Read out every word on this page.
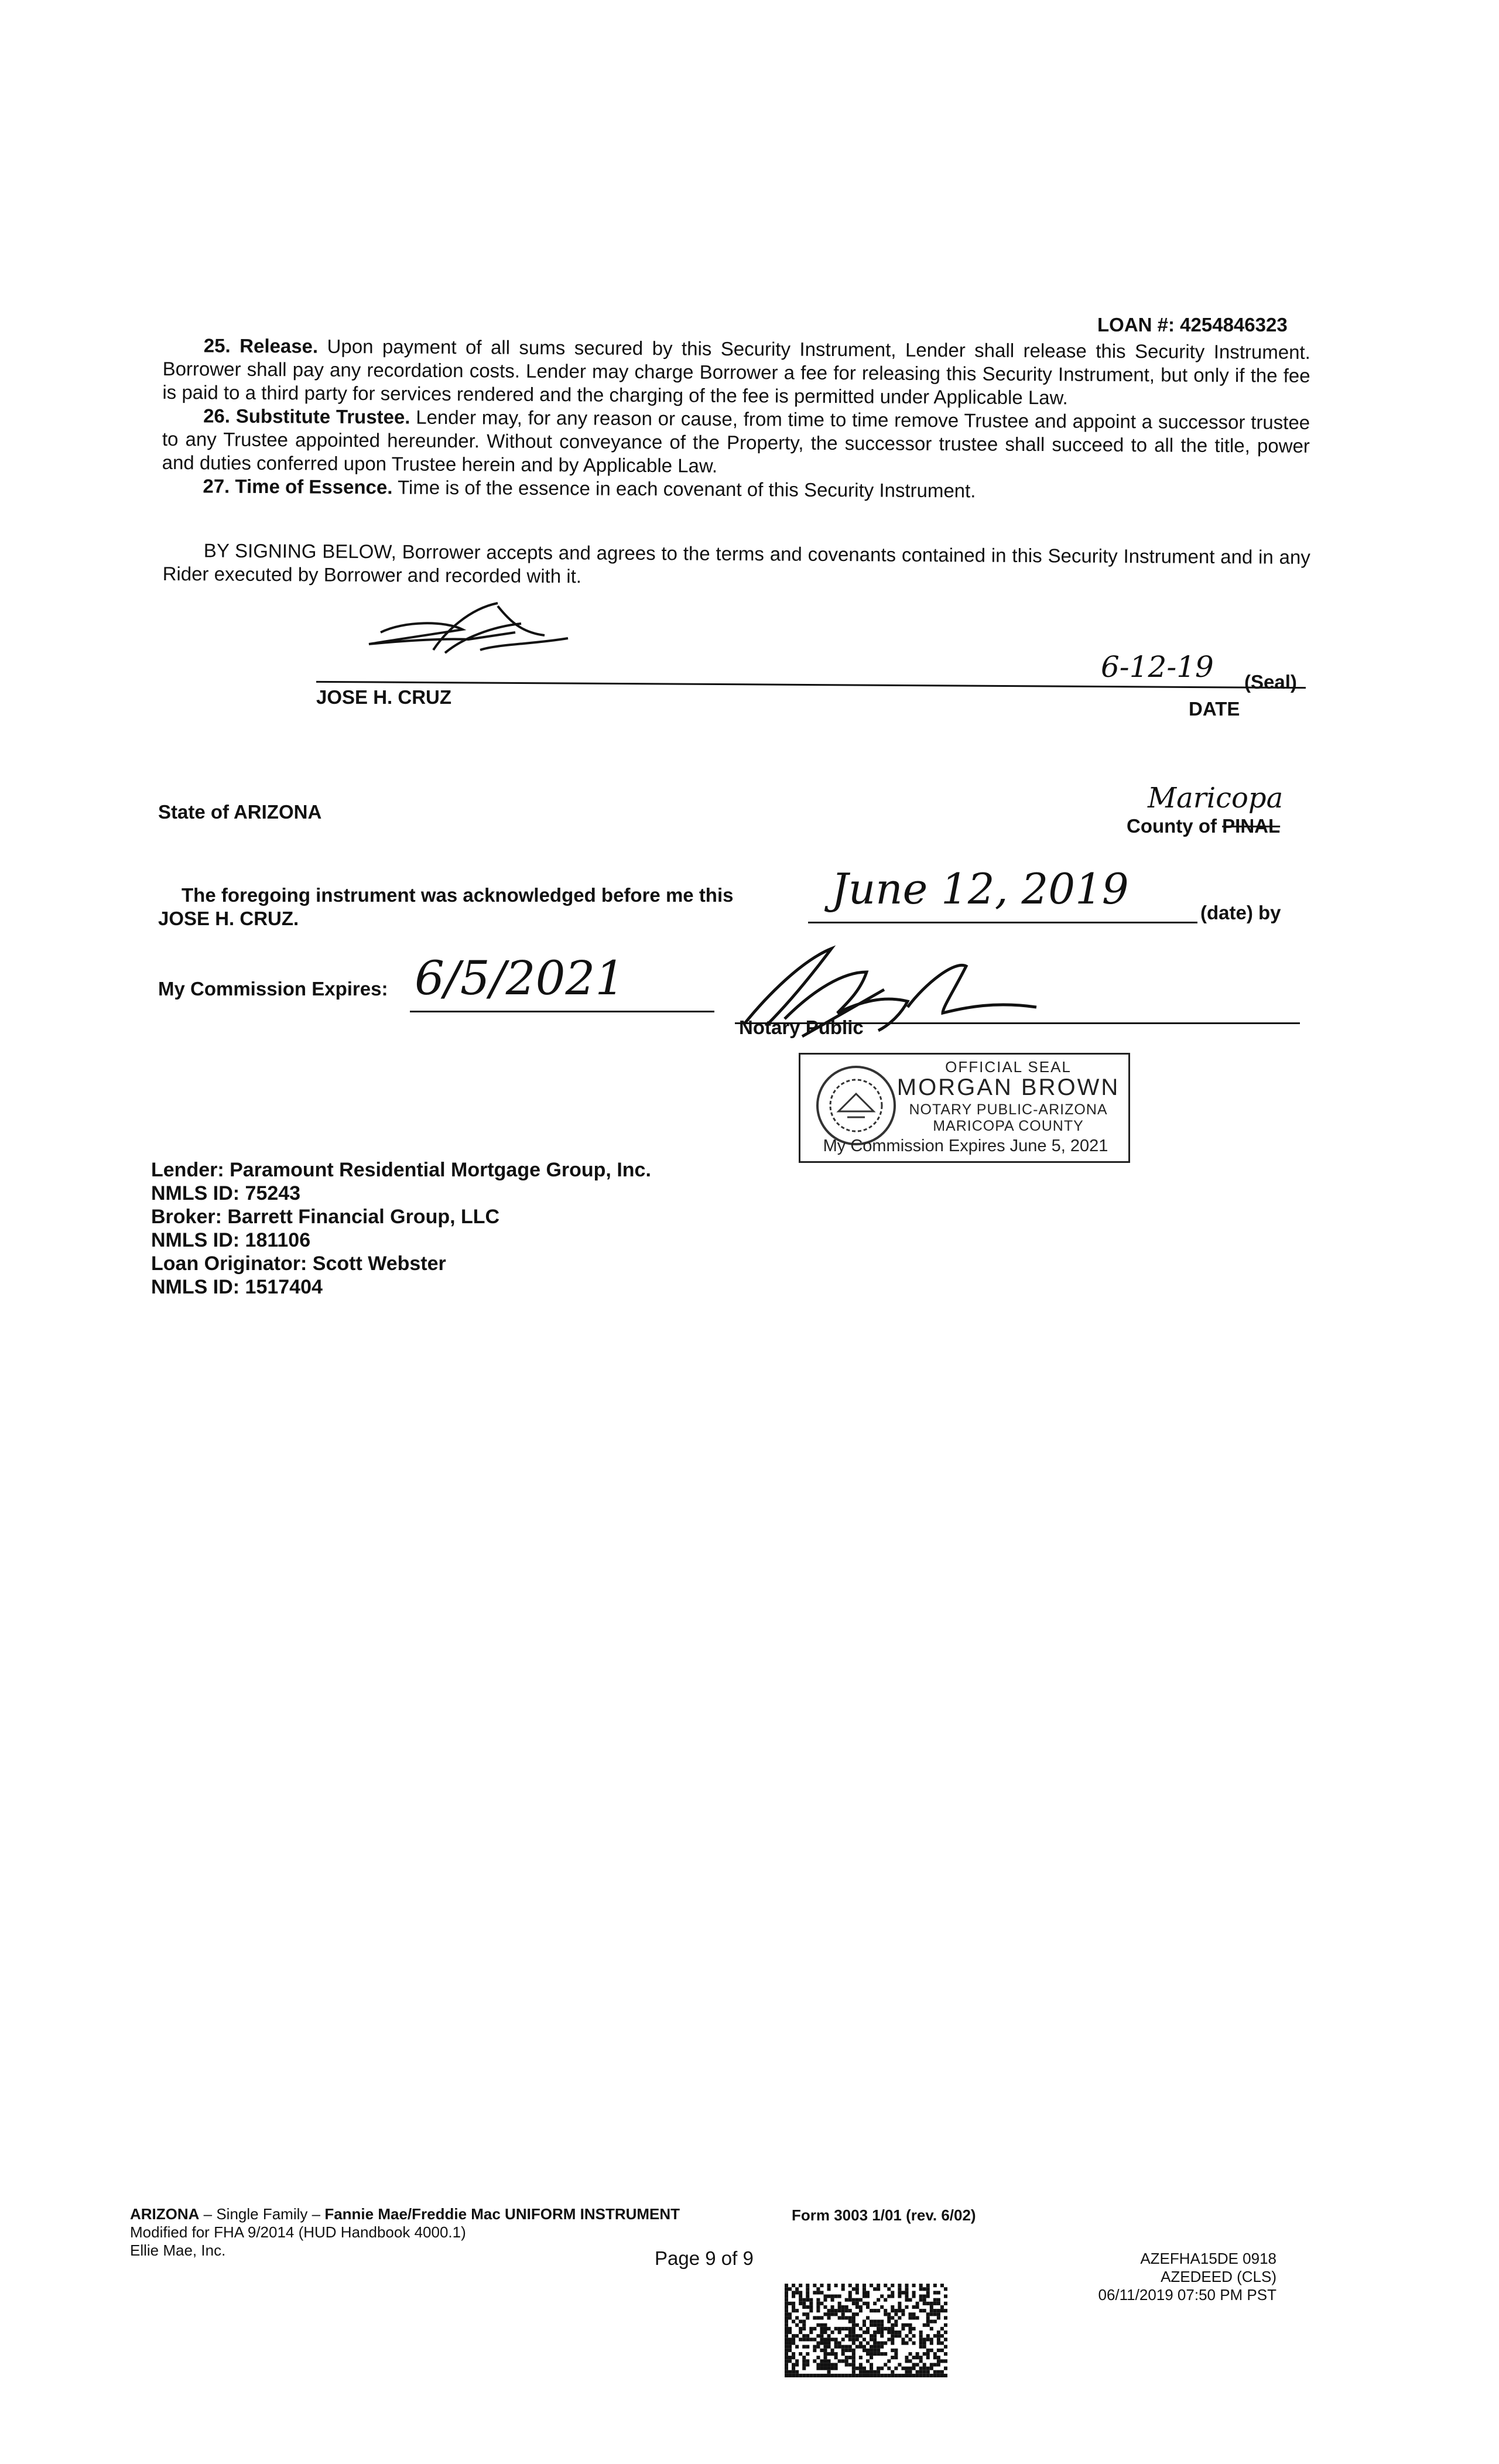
LOAN #: 4254846323
25. Release. Upon payment of all sums secured by this Security Instrument, Lender shall release this Security Instrument. Borrower shall pay any recordation costs. Lender may charge Borrower a fee for releasing this Security Instrument, but only if the fee is paid to a third party for services rendered and the charging of the fee is permitted under Applicable Law.
26. Substitute Trustee. Lender may, for any reason or cause, from time to time remove Trustee and appoint a successor trustee to any Trustee appointed hereunder. Without conveyance of the Property, the successor trustee shall succeed to all the title, power and duties conferred upon Trustee herein and by Applicable Law.
27. Time of Essence. Time is of the essence in each covenant of this Security Instrument.
BY SIGNING BELOW, Borrower accepts and agrees to the terms and covenants contained in this Security Instrument and in any Rider executed by Borrower and recorded with it.
JOSE H. CRUZ
6-12-19 (Seal)
DATE
State of ARIZONA	Maricopa
County of PINAL
The foregoing instrument was acknowledged before me this June 12, 2019	(date) by
JOSE H. CRUZ.
My Commission Expires: 6/5/2021
Notary Public
OFFICIAL SEAL
MORGAN BROWN
NOTARY PUBLIC-ARIZONA
MARICOPA COUNTY
My Commission Expires June 5, 2021
Lender: Paramount Residential Mortgage Group, Inc.
NMLS ID: 75243
Broker: Barrett Financial Group, LLC
NMLS ID: 181106
Loan Originator: Scott Webster
NMLS ID: 1517404
ARIZONA – Single Family – Fannie Mae/Freddie Mac UNIFORM INSTRUMENT
Modified for FHA 9/2014 (HUD Handbook 4000.1)
Ellie Mae, Inc.
Form 3003 1/01 (rev. 6/02)
Page 9 of 9	AZEFHA15DE 0918
AZEDEED (CLS)
06/11/2019 07:50 PM PST
